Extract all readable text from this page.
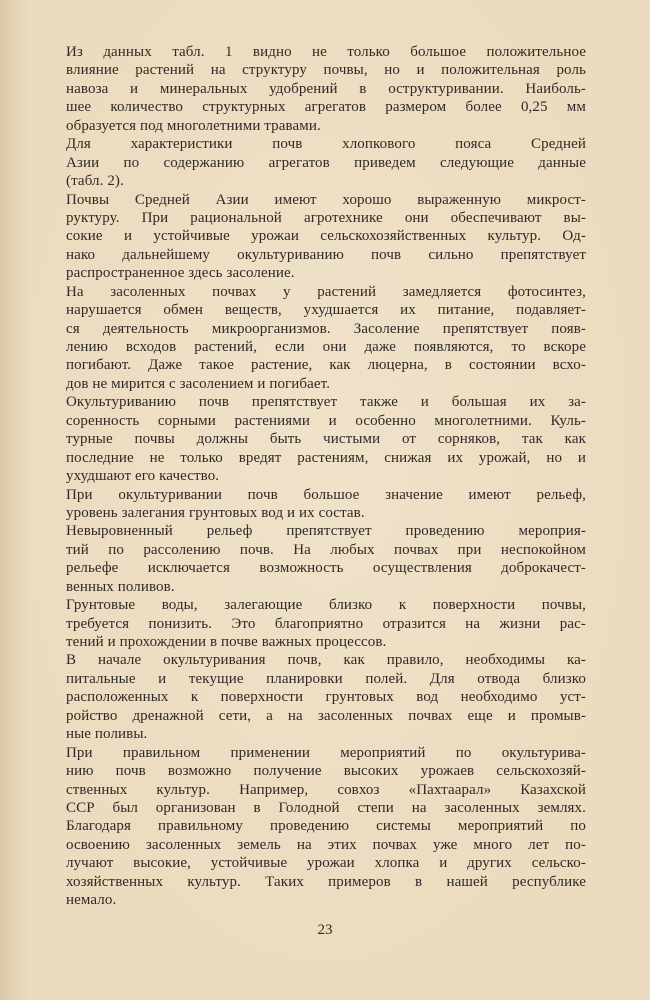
Из данных табл. 1 видно не только большое положительное
влияние растений на структуру почвы, но и положительная роль
навоза и минеральных удобрений в оструктуривании. Наиболь-
шее количество структурных агрегатов размером более 0,25 мм
образуется под многолетними травами.
Для характеристики почв хлопкового пояса Средней
Азии по содержанию агрегатов приведем следующие данные
(табл. 2).
Почвы Средней Азии имеют хорошо выраженную микрост-
руктуру. При рациональной агротехнике они обеспечивают вы-
сокие и устойчивые урожаи сельскохозяйственных культур. Од-
нако дальнейшему окультуриванию почв сильно препятствует
распространенное здесь засоление.
На засоленных почвах у растений замедляется фотосинтез,
нарушается обмен веществ, ухудшается их питание, подавляет-
ся деятельность микроорганизмов. Засоление препятствует появ-
лению всходов растений, если они даже появляются, то вскоре
погибают. Даже такое растение, как люцерна, в состоянии всхо-
дов не мирится с засолением и погибает.
Окультуриванию почв препятствует также и большая их за-
соренность сорными растениями и особенно многолетними. Куль-
турные почвы должны быть чистыми от сорняков, так как
последние не только вредят растениям, снижая их урожай, но и
ухудшают его качество.
При окультуривании почв большое значение имеют рельеф,
уровень залегания грунтовых вод и их состав.
Невыровненный рельеф препятствует проведению мероприя-
тий по рассолению почв. На любых почвах при неспокойном
рельефе исключается возможность осуществления доброкачест-
венных поливов.
Грунтовые воды, залегающие близко к поверхности почвы,
требуется понизить. Это благоприятно отразится на жизни рас-
тений и прохождении в почве важных процессов.
В начале окультуривания почв, как правило, необходимы ка-
питальные и текущие планировки полей. Для отвода близко
расположенных к поверхности грунтовых вод необходимо уст-
ройство дренажной сети, а на засоленных почвах еще и промыв-
ные поливы.
При правильном применении мероприятий по окультурива-
нию почв возможно получение высоких урожаев сельскохозяй-
ственных культур. Например, совхоз «Пахтаарал» Казахской
ССР был организован в Голодной степи на засоленных землях.
Благодаря правильному проведению системы мероприятий по
освоению засоленных земель на этих почвах уже много лет по-
лучают высокие, устойчивые урожаи хлопка и других сельско-
хозяйственных культур. Таких примеров в нашей республике
немало.
23
